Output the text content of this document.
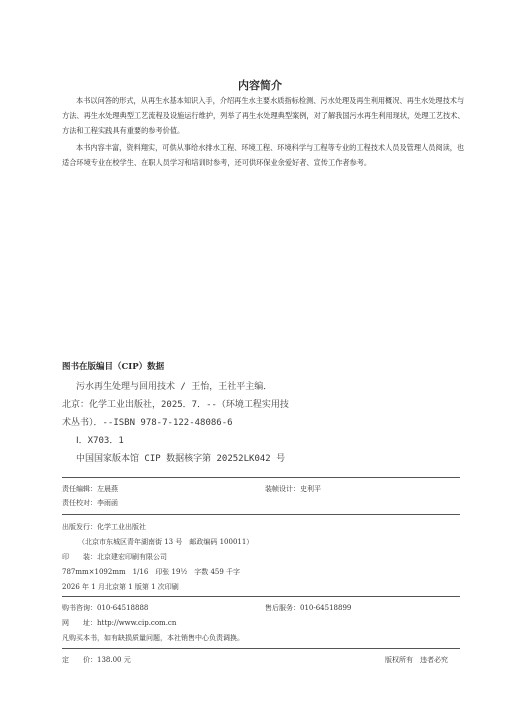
内容简介
本书以问答的形式，从再生水基本知识入手，介绍再生水主要水质指标检测、污水处理及再生利用概况、再生水处理技术与方法、再生水处理典型工艺流程及设施运行维护，列举了再生水处理典型案例，对了解我国污水再生利用现状，处理工艺技术、方法和工程实践具有重要的参考价值。
本书内容丰富，资料翔实，可供从事给水排水工程、环境工程、环境科学与工程等专业的工程技术人员及管理人员阅读，也适合环境专业在校学生、在职人员学习和培训时参考，还可供环保业余爱好者、宣传工作者参考。
图书在版编目（CIP）数据
污水再生处理与回用技术 / 王怡，王社平主编．
北京：化学工业出版社，2025．7．--（环境工程实用技
术丛书）．--ISBN 978-7-122-48086-6
Ⅰ．X703．1
中国国家版本馆 CIP 数据核字第 20252LK042 号
责任编辑：左晨燕	装帧设计：史利平
责任校对：李雨函
出版发行：化学工业出版社
（北京市东城区青年湖南街 13 号　邮政编码 100011）
印　　装：北京建宏印刷有限公司
787mm×1092mm　1/16　印张 19½　字数 459 千字
2026 年 1 月北京第 1 版第 1 次印刷
购书咨询：010-64518888	售后服务：010-64518899
网　　址：http://www.cip.com.cn
凡购买本书，如有缺损质量问题，本社销售中心负责调换。
定　　价：138.00 元	版权所有　违者必究
